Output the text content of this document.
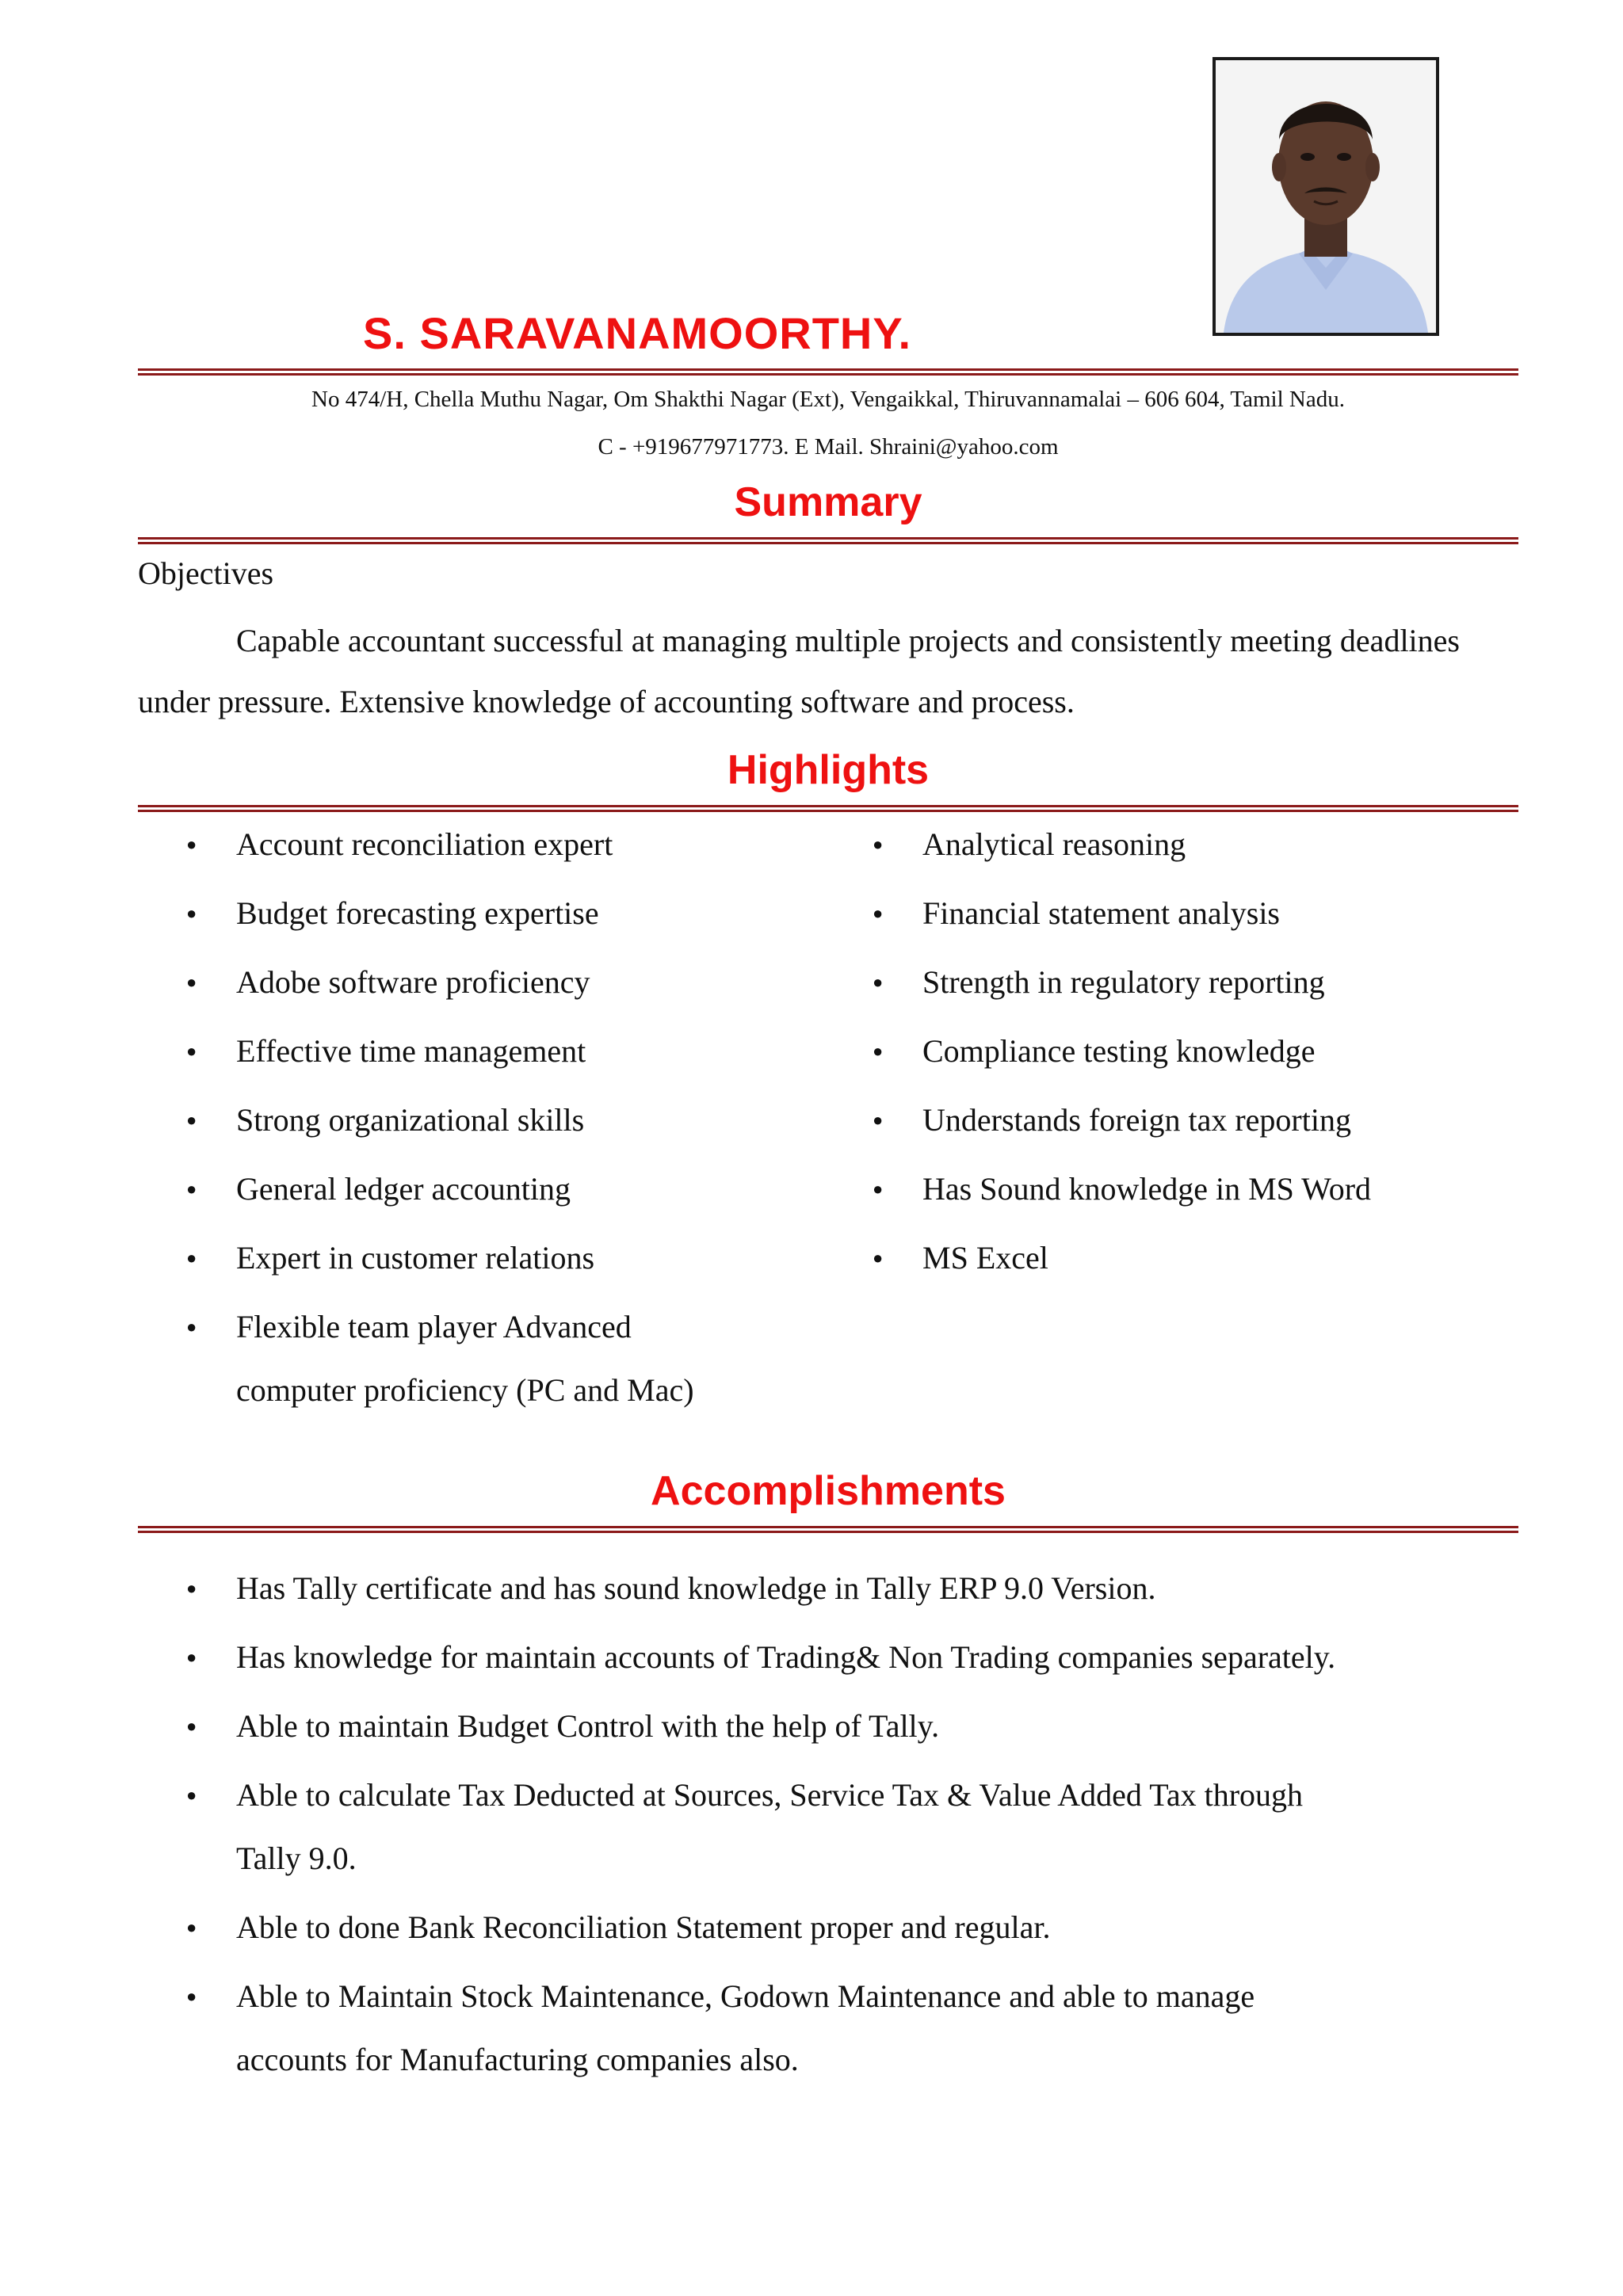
S. SARAVANAMOORTHY.
No 474/H, Chella Muthu Nagar, Om Shakthi Nagar (Ext), Vengaikkal, Thiruvannamalai – 606 604, Tamil Nadu.
C - +919677971773. E Mail. Shraini@yahoo.com
Summary
Objectives

Capable accountant successful at managing multiple projects and consistently meeting deadlines under pressure. Extensive knowledge of accounting software and process.

Highlights
● Account reconciliation expert
● Budget forecasting expertise
● Adobe software proficiency
● Effective time management
● Strong organizational skills
● General ledger accounting
● Expert in customer relations
● Flexible team player Advanced
computer proficiency (PC and Mac)
● Analytical reasoning
● Financial statement analysis
● Strength in regulatory reporting
● Compliance testing knowledge
● Understands foreign tax reporting
● Has Sound knowledge in MS Word
● MS Excel
Accomplishments
● Has Tally certificate and has sound knowledge in Tally ERP 9.0 Version.
● Has knowledge for maintain accounts of Trading& Non Trading companies separately.
● Able to maintain Budget Control with the help of Tally.
● Able to calculate Tax Deducted at Sources, Service Tax & Value Added Tax through
Tally 9.0.
● Able to done Bank Reconciliation Statement proper and regular.
● Able to Maintain Stock Maintenance, Godown Maintenance and able to manage
accounts for Manufacturing companies also.
